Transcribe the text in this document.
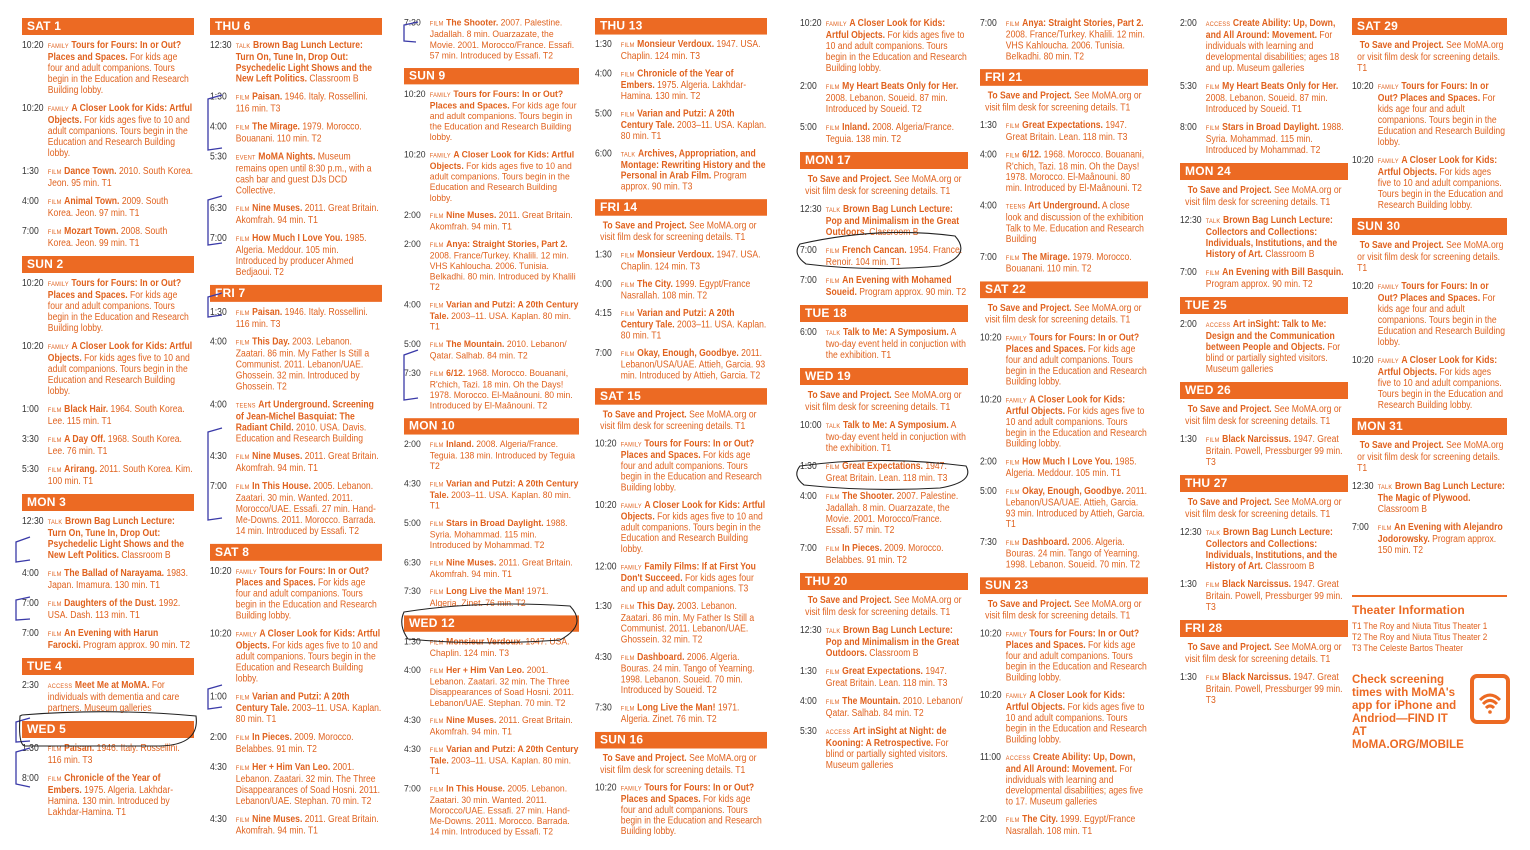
SAT 1
10:20 FAMILY Tours for Fours: In or Out? Places and Spaces. For kids age four and adult companions. Tours begin in the Education and Research Building lobby.
10:20 FAMILY A Closer Look for Kids: Artful Objects. For kids ages five to 10 and adult companions. Tours begin in the Education and Research Building lobby.
1:30	FILM Dance Town. 2010. South Korea. Jeon. 95 min. T1
4:00	FILM Animal Town. 2009. South Korea. Jeon. 97 min. T1
7:00	FILM Mozart Town. 2008. South Korea. Jeon. 99 min. T1
SUN 2
10:20 FAMILY Tours for Fours: In or Out? Places and Spaces. For kids age four and adult companions. Tours begin in the Education and Research Building lobby.
10:20 FAMILY A Closer Look for Kids: Artful Objects. For kids ages five to 10 and adult companions. Tours begin in the Education and Research Building lobby.
1:00	FILM Black Hair. 1964. South Korea. Lee. 115 min. T1
3:30	FILM A Day Off. 1968. South Korea. Lee. 76 min. T1
5:30	FILM Arirang. 2011. South Korea. Kim. 100 min. T1
MON 3
12:30 TALK Brown Bag Lunch Lecture: Turn On, Tune In, Drop Out: Psychedelic Light Shows and the New Left Politics. Classroom B
4:00	FILM The Ballad of Narayama. 1983. Japan. Imamura. 130 min. T1
7:00	FILM Daughters of the Dust. 1992. USA. Dash. 113 min. T1
7:00	FILM An Evening with Harun Farocki. Program approx. 90 min. T2
TUE 4
2:30	ACCESS Meet Me at MoMA. For individuals with dementia and care partners. Museum galleries
WED 5
1:30	FILM Paisan. 1946. Italy. Rossellini. 116 min. T3
8:00	FILM Chronicle of the Year of Embers. 1975. Algeria. Lakhdar-Hamina. 130 min. Introduced by Lakhdar-Hamina. T1
THU 6
12:30 TALK Brown Bag Lunch Lecture: Turn On, Tune In, Drop Out: Psychedelic Light Shows and the New Left Politics. Classroom B
1:30	FILM Paisan. 1946. Italy. Rossellini. 116 min. T3
4:00	FILM The Mirage. 1979. Morocco. Bouanani. 110 min. T2
5:30	EVENT MoMA Nights. Museum remains open until 8:30 p.m., with a cash bar and guest DJs DCD Collective.
6:30	FILM Nine Muses. 2011. Great Britain. Akomfrah. 94 min. T1
7:00	FILM How Much I Love You. 1985. Algeria. Meddour. 105 min. Introduced by producer Ahmed Bedjaoui. T2
FRI 7
1:30	FILM Paisan. 1946. Italy. Rossellini. 116 min. T3
4:00	FILM This Day. 2003. Lebanon. Zaatari. 86 min. My Father Is Still a Communist. 2011. Lebanon/UAE. Ghossein. 32 min. Introduced by Ghossein. T2
4:00	TEENS Art Underground. Screening of Jean-Michel Basquiat: The Radiant Child. 2010. USA. Davis. Education and Research Building
4:30	FILM Nine Muses. 2011. Great Britain. Akomfrah. 94 min. T1
7:00	FILM In This House. 2005. Lebanon. Zaatari. 30 min. Wanted. 2011. Morocco/UAE. Essafi. 27 min. Hand-Me-Downs. 2011. Morocco. Barrada. 14 min. Introduced by Essafi. T2
SAT 8
10:20 FAMILY Tours for Fours: In or Out? Places and Spaces. For kids age four and adult companions. Tours begin in the Education and Research Building lobby.
10:20 FAMILY A Closer Look for Kids: Artful Objects. For kids ages five to 10 and adult companions. Tours begin in the Education and Research Building lobby.
1:00	FILM Varian and Putzi: A 20th Century Tale. 2003–11. USA. Kaplan. 80 min. T1
2:00	FILM In Pieces. 2009. Morocco. Belabbes. 91 min. T2
4:30	FILM Her + Him Van Leo. 2001. Lebanon. Zaatari. 32 min. The Three Disappearances of Soad Hosni. 2011. Lebanon/UAE. Stephan. 70 min. T2
4:30	FILM Nine Muses. 2011. Great Britain. Akomfrah. 94 min. T1
7:30	FILM The Shooter. 2007. Palestine. Jadallah. 8 min. Ouarzazate, the Movie. 2001. Morocco/France. Essafi. 57 min. Introduced by Essafi. T2
SUN 9
10:20 FAMILY Tours for Fours: In or Out? Places and Spaces. For kids age four and adult companions. Tours begin in the Education and Research Building lobby.
10:20 FAMILY A Closer Look for Kids: Artful Objects. For kids ages five to 10 and adult companions. Tours begin in the Education and Research Building lobby.
2:00	FILM Nine Muses. 2011. Great Britain. Akomfrah. 94 min. T1
2:00	FILM Anya: Straight Stories, Part 2. 2008. France/Turkey. Khalili. 12 min. VHS Kahloucha. 2006. Tunisia. Belkadhi. 80 min. Introduced by Khalili T2
4:00	FILM Varian and Putzi: A 20th Century Tale. 2003–11. USA. Kaplan. 80 min. T1
5:00	FILM The Mountain. 2010. Lebanon/ Qatar. Salhab. 84 min. T2
7:30	FILM 6/12. 1968. Morocco. Bouanani, R'chich, Tazi. 18 min. Oh the Days! 1978. Morocco. El-Maânouni. 80 min. Introduced by El-Maânouni. T2
MON 10
2:00	FILM Inland. 2008. Algeria/France. Teguia. 138 min. Introduced by Teguia T2
4:30	FILM Varian and Putzi: A 20th Century Tale. 2003–11. USA. Kaplan. 80 min. T1
5:00	FILM Stars in Broad Daylight. 1988. Syria. Mohammad. 115 min. Introduced by Mohammad. T2
6:30	FILM Nine Muses. 2011. Great Britain. Akomfrah. 94 min. T1
7:30	FILM Long Live the Man! 1971. Algeria. Zinet. 76 min. T2
WED 12
1:30	FILM Monsieur Verdoux. 1947. USA. Chaplin. 124 min. T3
4:00	FILM Her + Him Van Leo. 2001. Lebanon. Zaatari. 32 min. The Three Disappearances of Soad Hosni. 2011. Lebanon/UAE. Stephan. 70 min. T2
4:30	FILM Nine Muses. 2011. Great Britain. Akomfrah. 94 min. T1
4:30	FILM Varian and Putzi: A 20th Century Tale. 2003–11. USA. Kaplan. 80 min. T1
7:00	FILM In This House. 2005. Lebanon. Zaatari. 30 min. Wanted. 2011. Morocco/UAE. Essafi. 27 min. Hand-Me-Downs. 2011. Morocco. Barrada. 14 min. Introduced by Essafi. T2
THU 13
1:30	FILM Monsieur Verdoux. 1947. USA. Chaplin. 124 min. T3
4:00	FILM Chronicle of the Year of Embers. 1975. Algeria. Lakhdar-Hamina. 130 min. T2
5:00	FILM Varian and Putzi: A 20th Century Tale. 2003–11. USA. Kaplan. 80 min. T1
6:00	TALK Archives, Appropriation, and Montage: Rewriting History and the Personal in Arab Film. Program approx. 90 min. T3
FRI 14
To Save and Project. See MoMA.org or visit film desk for screening details. T1
1:30	FILM Monsieur Verdoux. 1947. USA. Chaplin. 124 min. T3
4:00	FILM The City. 1999. Egypt/France Nasrallah. 108 min. T2
4:15	FILM Varian and Putzi: A 20th Century Tale. 2003–11. USA. Kaplan. 80 min. T1
7:00	FILM Okay, Enough, Goodbye. 2011. Lebanon/USA/UAE. Attieh, Garcia. 93 min. Introduced by Attieh, Garcia. T2
SAT 15
To Save and Project. See MoMA.org or visit film desk for screening details. T1
10:20 FAMILY Tours for Fours: In or Out? Places and Spaces. For kids age four and adult companions. Tours begin in the Education and Research Building lobby.
10:20 FAMILY A Closer Look for Kids: Artful Objects. For kids ages five to 10 and adult companions. Tours begin in the Education and Research Building lobby.
12:00 FAMILY Family Films: If at First You Don't Succeed. For kids ages four and up and adult companions. T3
1:30	FILM This Day. 2003. Lebanon. Zaatari. 86 min. My Father Is Still a Communist. 2011. Lebanon/UAE. Ghossein. 32 min. T2
4:30	FILM Dashboard. 2006. Algeria. Bouras. 24 min. Tango of Yearning. 1998. Lebanon. Soueid. 70 min. Introduced by Soueid. T2
7:30	FILM Long Live the Man! 1971. Algeria. Zinet. 76 min. T2
SUN 16
To Save and Project. See MoMA.org or visit film desk for screening details. T1
10:20 FAMILY Tours for Fours: In or Out? Places and Spaces. For kids age four and adult companions. Tours begin in the Education and Research Building lobby.
10:20 FAMILY A Closer Look for Kids: Artful Objects. For kids ages five to 10 and adult companions. Tours begin in the Education and Research Building lobby.
2:00	FILM My Heart Beats Only for Her. 2008. Lebanon. Soueid. 87 min. Introduced by Soueid. T2
5:00	FILM Inland. 2008. Algeria/France. Teguia. 138 min. T2
MON 17
To Save and Project. See MoMA.org or visit film desk for screening details. T1
12:30 TALK Brown Bag Lunch Lecture: Pop and Minimalism in the Great Outdoors. Classroom B
7:00	FILM French Cancan. 1954. France. Renoir. 104 min. T1
7:00	FILM An Evening with Mohamed Soueid. Program approx. 90 min. T2
TUE 18
6:00	TALK Talk to Me: A Symposium. A two-day event held in conjuction with the exhibition. T1
WED 19
To Save and Project. See MoMA.org or visit film desk for screening details. T1
10:00 TALK Talk to Me: A Symposium. A two-day event held in conjuction with the exhibition. T1
1:30	FILM Great Expectations. 1947. Great Britain. Lean. 118 min. T3
4:00	FILM The Shooter. 2007. Palestine. Jadallah. 8 min. Ouarzazate, the Movie. 2001. Morocco/France. Essafi. 57 min. T2
7:00	FILM In Pieces. 2009. Morocco. Belabbes. 91 min. T2
THU 20
To Save and Project. See MoMA.org or visit film desk for screening details. T1
12:30 TALK Brown Bag Lunch Lecture: Pop and Minimalism in the Great Outdoors. Classroom B
1:30	FILM Great Expectations. 1947. Great Britain. Lean. 118 min. T3
4:00	FILM The Mountain. 2010. Lebanon/ Qatar. Salhab. 84 min. T2
5:30	ACCESS Art inSight at Night: de Kooning: A Retrospective. For blind or partially sighted visitors. Museum galleries
7:00	FILM Anya: Straight Stories, Part 2. 2008. France/Turkey. Khalili. 12 min. VHS Kahloucha. 2006. Tunisia. Belkadhi. 80 min. T2
FRI 21
To Save and Project. See MoMA.org or visit film desk for screening details. T1
1:30	FILM Great Expectations. 1947. Great Britain. Lean. 118 min. T3
4:00	FILM 6/12. 1968. Morocco. Bouanani, R'chich, Tazi. 18 min. Oh the Days! 1978. Morocco. El-Maânouni. 80 min. Introduced by El-Maânouni. T2
4:00	TEENS Art Underground. A close look and discussion of the exhibition Talk to Me. Education and Research Building
7:00	FILM The Mirage. 1979. Morocco. Bouanani. 110 min. T2
SAT 22
To Save and Project. See MoMA.org or visit film desk for screening details. T1
10:20 FAMILY Tours for Fours: In or Out? Places and Spaces. For kids age four and adult companions. Tours begin in the Education and Research Building lobby.
10:20 FAMILY A Closer Look for Kids: Artful Objects. For kids ages five to 10 and adult companions. Tours begin in the Education and Research Building lobby.
2:00	FILM How Much I Love You. 1985. Algeria. Meddour. 105 min. T1
5:00	FILM Okay, Enough, Goodbye. 2011. Lebanon/USA/UAE. Attieh, Garcia. 93 min. Introduced by Attieh, Garcia. T1
7:30	FILM Dashboard. 2006. Algeria. Bouras. 24 min. Tango of Yearning. 1998. Lebanon. Soueid. 70 min. T2
SUN 23
To Save and Project. See MoMA.org or visit film desk for screening details. T1
10:20 FAMILY Tours for Fours: In or Out? Places and Spaces. For kids age four and adult companions. Tours begin in the Education and Research Building lobby.
10:20 FAMILY A Closer Look for Kids: Artful Objects. For kids ages five to 10 and adult companions. Tours begin in the Education and Research Building lobby.
11:00 ACCESS Create Ability: Up, Down, and All Around: Movement. For individuals with learning and developmental disabilities; ages five to 17. Museum galleries
2:00	FILM The City. 1999. Egypt/France Nasrallah. 108 min. T1
2:00	ACCESS Create Ability: Up, Down, and All Around: Movement. For individuals with learning and developmental disabilities; ages 18 and up. Museum galleries
5:30	FILM My Heart Beats Only for Her. 2008. Lebanon. Soueid. 87 min. Introduced by Soueid. T1
8:00	FILM Stars in Broad Daylight. 1988. Syria. Mohammad. 115 min. Introduced by Mohammad. T2
MON 24
To Save and Project. See MoMA.org or visit film desk for screening details. T1
12:30 TALK Brown Bag Lunch Lecture: Collectors and Collections: Individuals, Institutions, and the History of Art. Classroom B
7:00	FILM An Evening with Bill Basquin. Program approx. 90 min. T2
TUE 25
2:00	ACCESS Art inSight: Talk to Me: Design and the Communication between People and Objects. For blind or partially sighted visitors. Museum galleries
WED 26
To Save and Project. See MoMA.org or visit film desk for screening details. T1
1:30	FILM Black Narcissus. 1947. Great Britain. Powell, Pressburger 99 min. T3
THU 27
To Save and Project. See MoMA.org or visit film desk for screening details. T1
12:30 TALK Brown Bag Lunch Lecture: Collectors and Collections: Individuals, Institutions, and the History of Art. Classroom B
1:30	FILM Black Narcissus. 1947. Great Britain. Powell, Pressburger 99 min. T3
FRI 28
To Save and Project. See MoMA.org or visit film desk for screening details. T1
1:30	FILM Black Narcissus. 1947. Great Britain. Powell, Pressburger 99 min. T3
SAT 29
To Save and Project. See MoMA.org or visit film desk for screening details. T1
10:20 FAMILY Tours for Fours: In or Out? Places and Spaces. For kids age four and adult companions. Tours begin in the Education and Research Building lobby.
10:20 FAMILY A Closer Look for Kids: Artful Objects. For kids ages five to 10 and adult companions. Tours begin in the Education and Research Building lobby.
SUN 30
To Save and Project. See MoMA.org or visit film desk for screening details. T1
10:20 FAMILY Tours for Fours: In or Out? Places and Spaces. For kids age four and adult companions. Tours begin in the Education and Research Building lobby.
10:20 FAMILY A Closer Look for Kids: Artful Objects. For kids ages five to 10 and adult companions. Tours begin in the Education and Research Building lobby.
MON 31
To Save and Project. See MoMA.org or visit film desk for screening details. T1
12:30 TALK Brown Bag Lunch Lecture: The Magic of Plywood. Classroom B
7:00	FILM An Evening with Alejandro Jodorowsky. Program approx. 150 min. T2
Theater Information
T1 The Roy and Niuta Titus Theater 1
T2 The Roy and Niuta Titus Theater 2
T3 The Celeste Bartos Theater
Check screening times with MoMA's app for iPhone and Andriod—FIND IT AT MoMA.ORG/MOBILE
